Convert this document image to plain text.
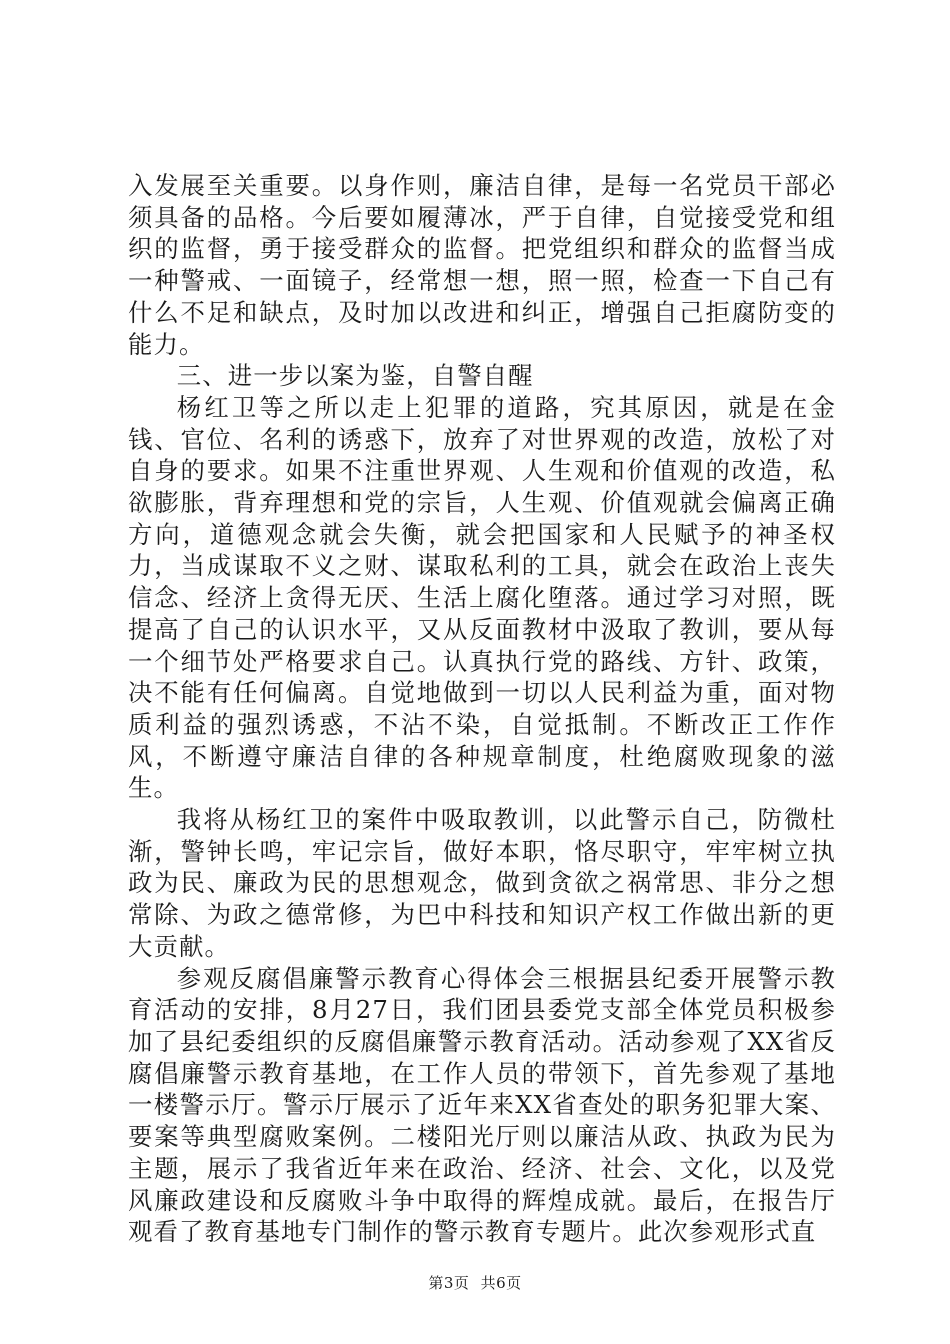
入发展至关重要。以身作则，廉洁自律，是每一名党员干部必须具备的品格。今后要如履薄冰，严于自律，自觉接受党和组织的监督，勇于接受群众的监督。把党组织和群众的监督当成一种警戒、一面镜子，经常想一想，照一照，检查一下自己有什么不足和缺点，及时加以改进和纠正，增强自己拒腐防变的能力。

三、进一步以案为鉴，自警自醒

杨红卫等之所以走上犯罪的道路，究其原因，就是在金钱、官位、名利的诱惑下，放弃了对世界观的改造，放松了对自身的要求。如果不注重世界观、人生观和价值观的改造，私欲膨胀，背弃理想和党的宗旨，人生观、价值观就会偏离正确方向，道德观念就会失衡，就会把国家和人民赋予的神圣权力，当成谋取不义之财、谋取私利的工具，就会在政治上丧失信念、经济上贪得无厌、生活上腐化堕落。通过学习对照，既提高了自己的认识水平，又从反面教材中汲取了教训，要从每一个细节处严格要求自己。认真执行党的路线、方针、政策，决不能有任何偏离。自觉地做到一切以人民利益为重，面对物质利益的强烈诱惑，不沾不染，自觉抵制。不断改正工作作风，不断遵守廉洁自律的各种规章制度，杜绝腐败现象的滋生。

我将从杨红卫的案件中吸取教训，以此警示自己，防微杜渐，警钟长鸣，牢记宗旨，做好本职，恪尽职守，牢牢树立执政为民、廉政为民的思想观念，做到贪欲之祸常思、非分之想常除、为政之德常修，为巴中科技和知识产权工作做出新的更大贡献。

参观反腐倡廉警示教育心得体会三根据县纪委开展警示教育活动的安排，8月27日，我们团县委党支部全体党员积极参加了县纪委组织的反腐倡廉警示教育活动。活动参观了XX省反腐倡廉警示教育基地，在工作人员的带领下，首先参观了基地一楼警示厅。警示厅展示了近年来XX省查处的职务犯罪大案、要案等典型腐败案例。二楼阳光厅则以廉洁从政、执政为民为主题，展示了我省近年来在政治、经济、社会、文化，以及党风廉政建设和反腐败斗争中取得的辉煌成就。最后，在报告厅观看了教育基地专门制作的警示教育专题片。此次参观形式直

第3页 共6页
